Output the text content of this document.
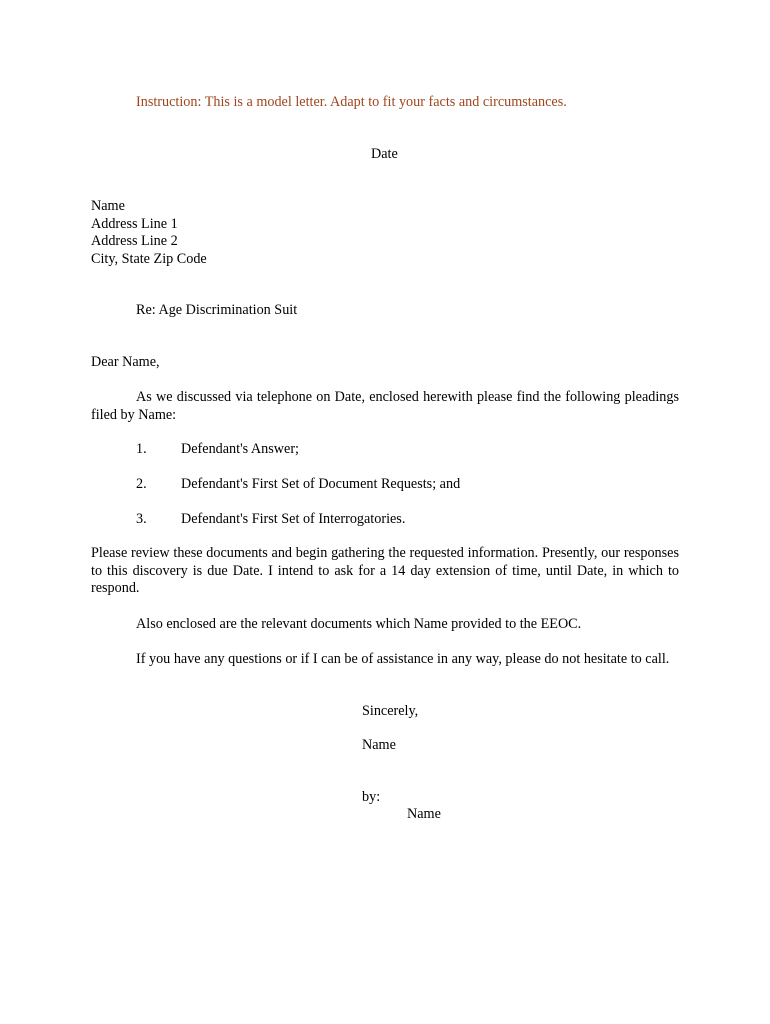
Instruction: This is a model letter. Adapt to fit your facts and circumstances.
Date
Name
Address Line 1
Address Line 2
City, State Zip Code
Re: Age Discrimination Suit
Dear Name,
As we discussed via telephone on Date, enclosed herewith please find the following pleadings filed by Name:
1. Defendant's Answer;
2. Defendant's First Set of Document Requests; and
3. Defendant's First Set of Interrogatories.
Please review these documents and begin gathering the requested information. Presently, our responses to this discovery is due Date. I intend to ask for a 14 day extension of time, until Date, in which to respond.
Also enclosed are the relevant documents which Name provided to the EEOC.
If you have any questions or if I can be of assistance in any way, please do not hesitate to call.
Sincerely,
Name
by:
Name
